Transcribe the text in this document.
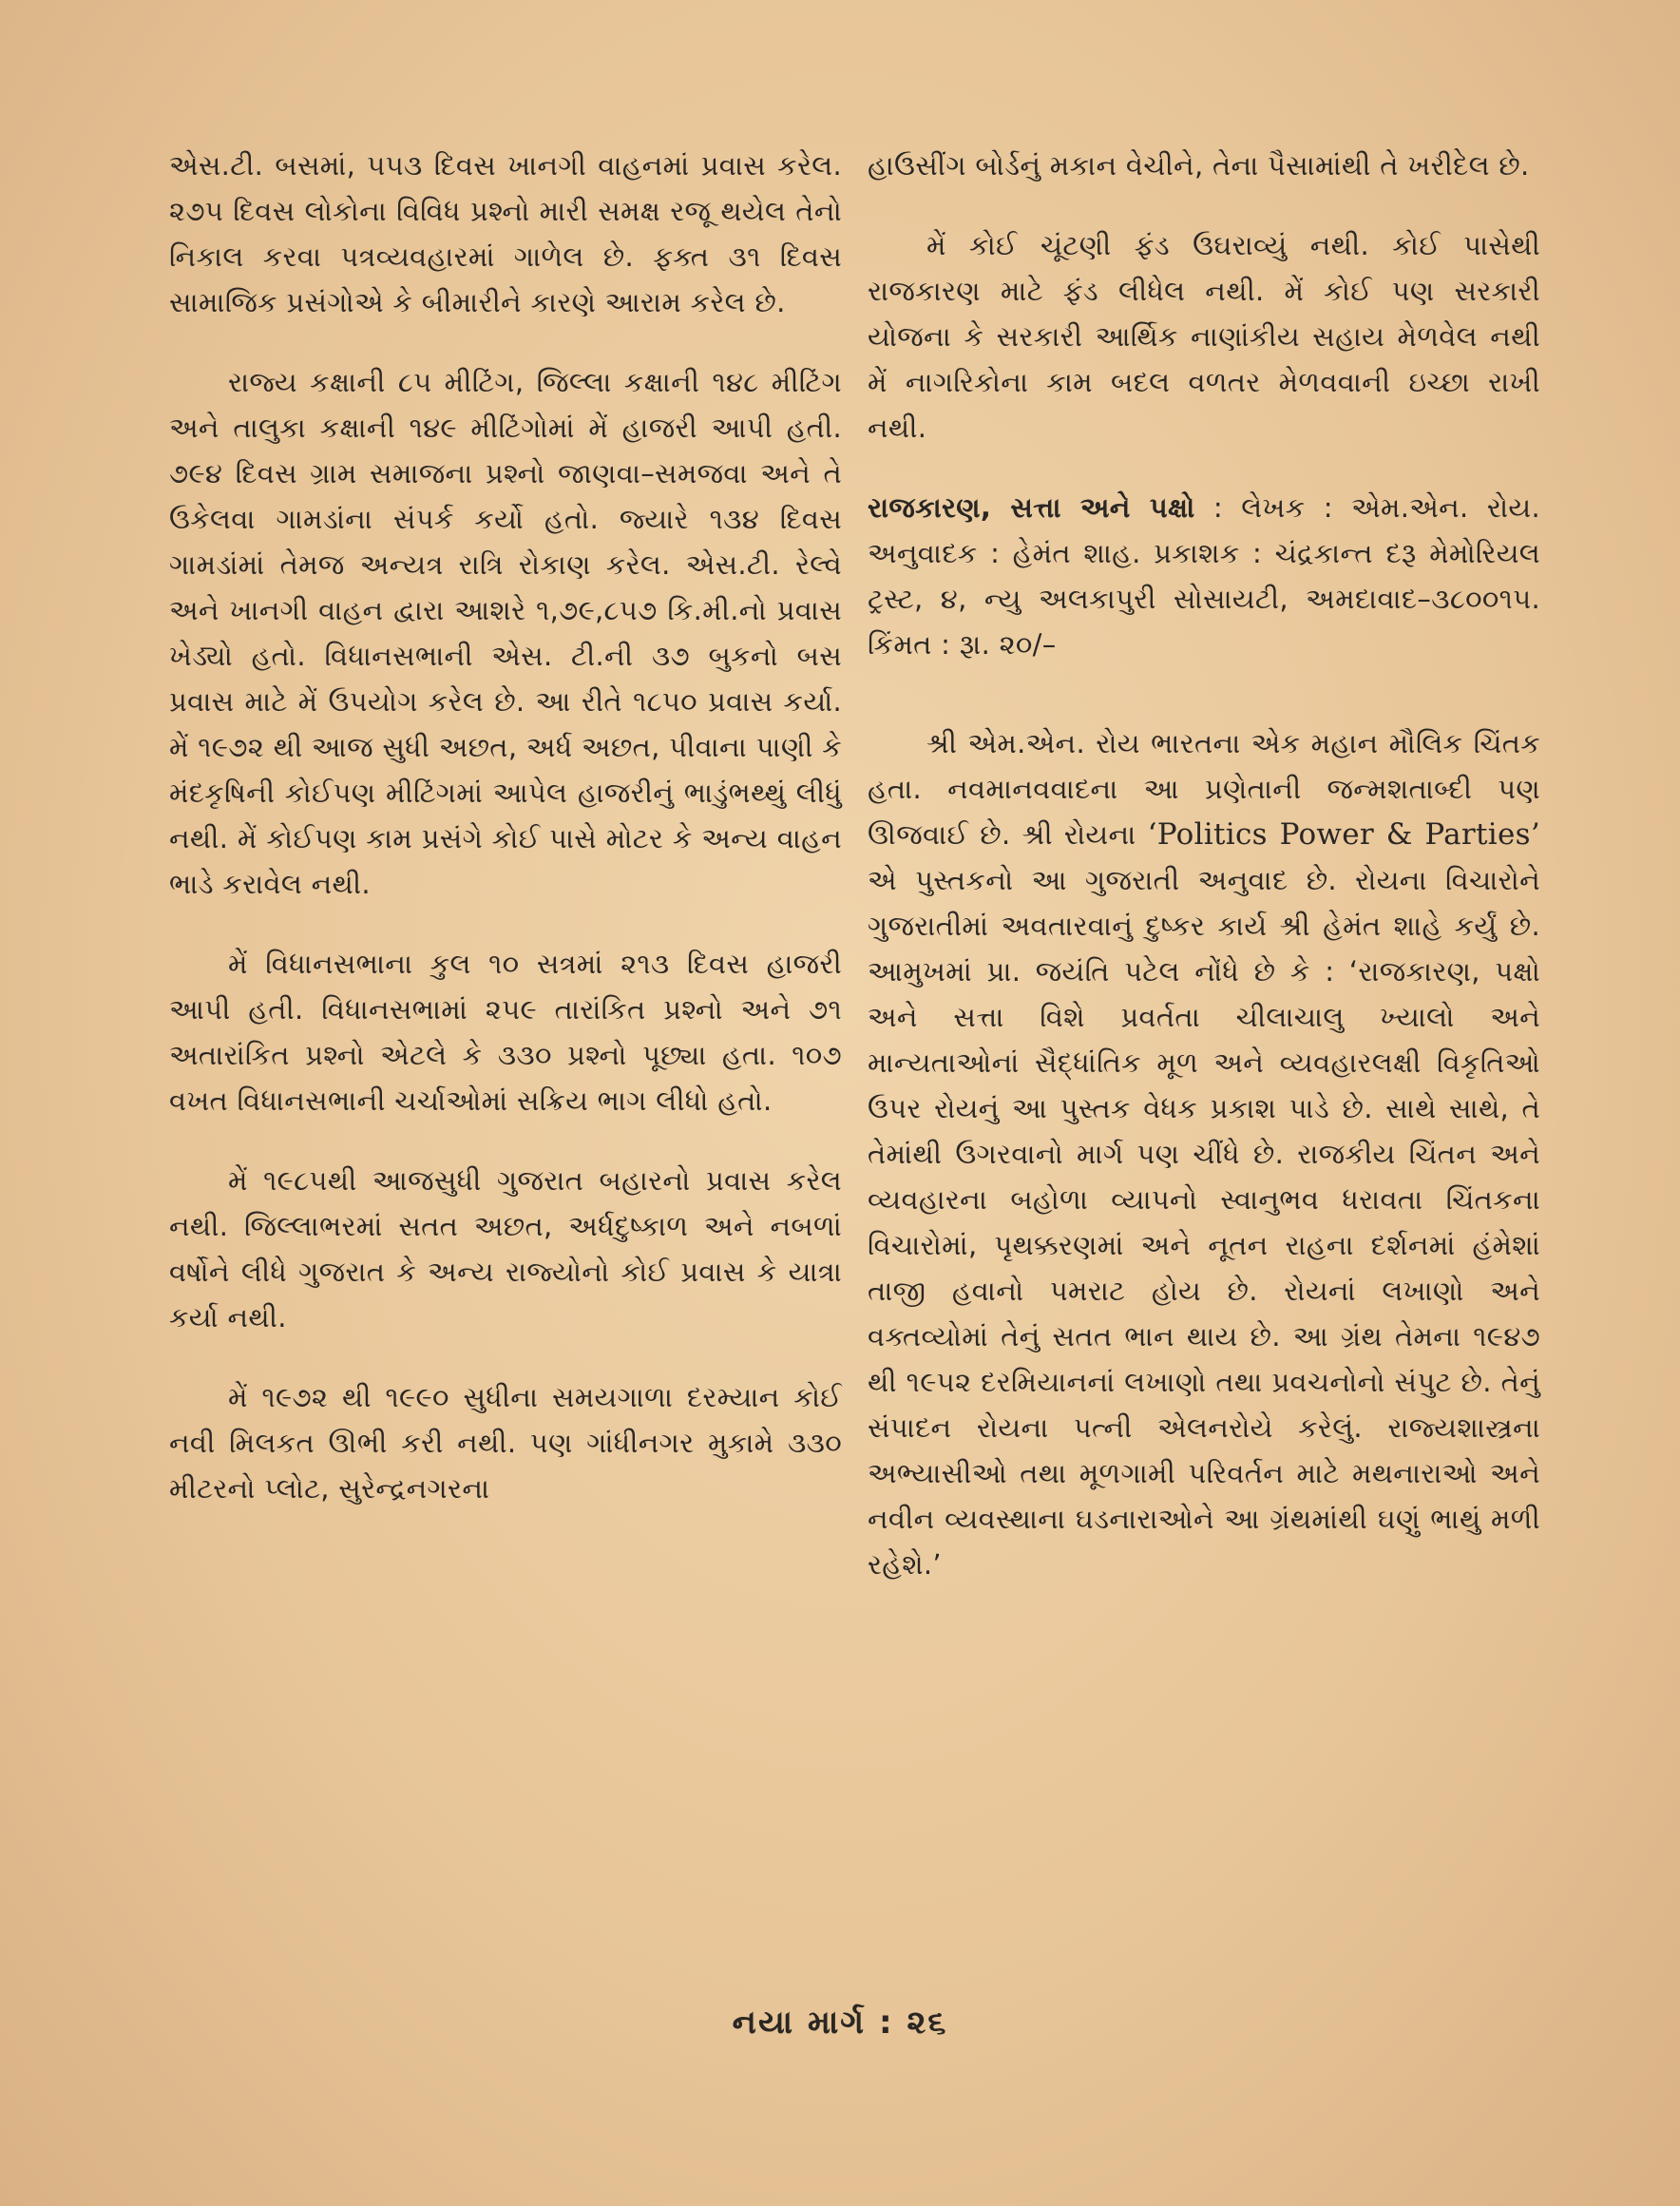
એસ.ટી. બસમાં, ૫૫૩ દિવસ ખાનગી વાહનમાં પ્રવાસ કરેલ. ૨૭૫ દિવસ લોકોના વિવિધ પ્રશ્નો મારી સમક્ષ રજૂ થયેલ તેનો નિકાલ કરવા પત્રવ્યવહારમાં ગાળેલ છે. ફક્ત ૩૧ દિવસ સામાજિક પ્રસંગોએ કે બીમારીને કારણે આરામ કરેલ છે.

રાજ્ય કક્ષાની ૮૫ મીટિંગ, જિલ્લા કક્ષાની ૧૪૮ મીટિંગ અને તાલુકા કક્ષાની ૧૪૯ મીટિંગોમાં મેં હાજરી આપી હતી. ૭૯૪ દિવસ ગ્રામ સમાજના પ્રશ્નો જાણવા–સમજવા અને તે ઉકેલવા ગામડાંના સંપર્ક કર્યો હતો. જ્યારે ૧૩૪ દિવસ ગામડાંમાં તેમજ અન્યત્ર રાત્રિ રોકાણ કરેલ. એસ.ટી. રેલ્વે અને ખાનગી વાહન દ્વારા આશરે ૧,૭૯,૮૫૭ કિ.મી.નો પ્રવાસ ખેડ્યો હતો. વિધાનસભાની એસ. ટી.ની ૩૭ બુકનો બસ પ્રવાસ માટે મેં ઉપયોગ કરેલ છે. આ રીતે ૧૮૫૦ પ્રવાસ કર્યા. મેં ૧૯૭૨ થી આજ સુધી અછત, અર્ધ અછત, પીવાના પાણી કે મંદકૃષિની કોઈપણ મીટિંગમાં આપેલ હાજરીનું ભાડુંભથ્થું લીધું નથી. મેં કોઈપણ કામ પ્રસંગે કોઈ પાસે મોટર કે અન્ય વાહન ભાડે કરાવેલ નથી.

મેં વિધાનસભાના કુલ ૧૦ સત્રમાં ૨૧૩ દિવસ હાજરી આપી હતી. વિધાનસભામાં ૨૫૯ તારાંકિત પ્રશ્નો અને ૭૧ અતારાંકિત પ્રશ્નો એટલે કે ૩૩૦ પ્રશ્નો પૂછ્યા હતા. ૧૦૭ વખત વિધાનસભાની ચર્ચાઓમાં સક્રિય ભાગ લીધો હતો.

મેં ૧૯૮૫થી આજસુધી ગુજરાત બહારનો પ્રવાસ કરેલ નથી. જિલ્લાભરમાં સતત અછત, અર્ધદુષ્કાળ અને નબળાં વર્ષોને લીધે ગુજરાત કે અન્ય રાજ્યોનો કોઈ પ્રવાસ કે યાત્રા કર્યા નથી.

મેં ૧૯૭૨ થી ૧૯૯૦ સુધીના સમયગાળા દરમ્યાન કોઈ નવી મિલકત ઊભી કરી નથી. પણ ગાંધીનગર મુકામે ૩૩૦ મીટરનો પ્લોટ, સુરેન્દ્રનગરના

હાઉસીંગ બોર્ડનું મકાન વેચીને, તેના પૈસામાંથી તે ખરીદેલ છે.

મેં કોઈ ચૂંટણી ફંડ ઉઘરાવ્યું નથી. કોઈ પાસેથી રાજકારણ માટે ફંડ લીધેલ નથી. મેં કોઈ પણ સરકારી યોજના કે સરકારી આર્થિક નાણાંકીય સહાય મેળવેલ નથી મેં નાગરિકોના કામ બદલ વળતર મેળવવાની ઇચ્છા રાખી નથી.

રાજકારણ, સત્તા અને પક્ષો : લેખક : એમ.એન. રોય. અનુવાદક : હેમંત શાહ. પ્રકાશક : ચંદ્રકાન્ત દરૂ મેમોરિયલ ટ્રસ્ટ, ૪, ન્યુ અલકાપુરી સોસાયટી, અમદાવાદ–૩૮૦૦૧૫. કિંમત : રૂા. ૨૦/–

શ્રી એમ.એન. રોય ભારતના એક મહાન મૌલિક ચિંતક હતા. નવમાનવવાદના આ પ્રણેતાની જન્મશતાબ્દી પણ ઊજવાઈ છે. શ્રી રોયના ‘Politics Power & Parties’ એ પુસ્તકનો આ ગુજરાતી અનુવાદ છે. રોયના વિચારોને ગુજરાતીમાં અવતારવાનું દુષ્કર કાર્ય શ્રી હેમંત શાહે કર્યું છે. આમુખમાં પ્રા. જયંતિ પટેલ નોંધે છે કે : ‘રાજકારણ, પક્ષો અને સત્તા વિશે પ્રવર્તતા ચીલાચાલુ ખ્યાલો અને માન્યતાઓનાં સૈદ્ધાંતિક મૂળ અને વ્યવહારલક્ષી વિકૃતિઓ ઉપર રોયનું આ પુસ્તક વેધક પ્રકાશ પાડે છે. સાથે સાથે, તે તેમાંથી ઉગરવાનો માર્ગ પણ ચીંધે છે. રાજકીય ચિંતન અને વ્યવહારના બહોળા વ્યાપનો સ્વાનુભવ ધરાવતા ચિંતકના વિચારોમાં, પૃથક્કરણમાં અને નૂતન રાહના દર્શનમાં હંમેશાં તાજી હવાનો પમરાટ હોય છે. રોયનાં લખાણો અને વક્તવ્યોમાં તેનું સતત ભાન થાય છે. આ ગ્રંથ તેમના ૧૯૪૭ થી ૧૯૫૨ દરમિયાનનાં લખાણો તથા પ્રવચનોનો સંપુટ છે. તેનું સંપાદન રોયના પત્ની એલનરોયે કરેલું. રાજ્યશાસ્ત્રના અભ્યાસીઓ તથા મૂળગામી પરિવર્તન માટે મથનારાઓ અને નવીન વ્યવસ્થાના ઘડનારાઓને આ ગ્રંથમાંથી ઘણું ભાથું મળી રહેશે.’

નયા માર્ગ : ૨૬
